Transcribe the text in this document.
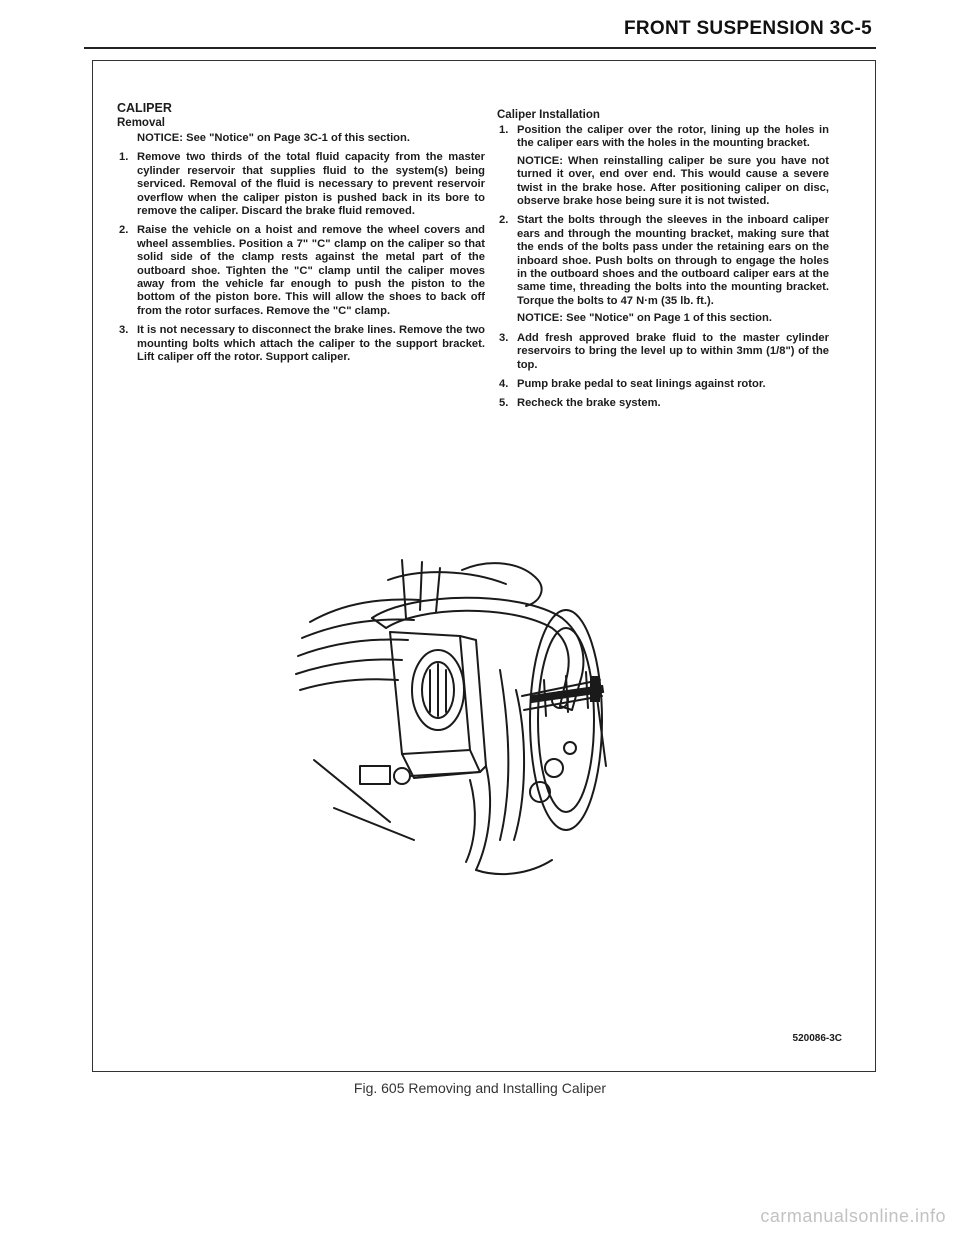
FRONT SUSPENSION 3C-5

CALIPER

Removal

NOTICE: See "Notice" on Page 3C-1 of this section.
1. Remove two thirds of the total fluid capacity from the master cylinder reservoir that supplies fluid to the system(s) being serviced. Removal of the fluid is necessary to prevent reservoir overflow when the caliper piston is pushed back in its bore to remove the caliper. Discard the brake fluid removed.
2. Raise the vehicle on a hoist and remove the wheel covers and wheel assemblies. Position a 7" "C" clamp on the caliper so that solid side of the clamp rests against the metal part of the outboard shoe. Tighten the "C" clamp until the caliper moves away from the vehicle far enough to push the piston to the bottom of the piston bore. This will allow the shoes to back off from the rotor surfaces. Remove the "C" clamp.
3. It is not necessary to disconnect the brake lines. Remove the two mounting bolts which attach the caliper to the support bracket. Lift caliper off the rotor. Support caliper.

Caliper Installation

1. Position the caliper over the rotor, lining up the holes in the caliper ears with the holes in the mounting bracket.
NOTICE: When reinstalling caliper be sure you have not turned it over, end over end. This would cause a severe twist in the brake hose. After positioning caliper on disc, observe brake hose being sure it is not twisted.
2. Start the bolts through the sleeves in the inboard caliper ears and through the mounting bracket, making sure that the ends of the bolts pass under the retaining ears on the inboard shoe. Push bolts on through to engage the holes in the outboard shoes and the outboard caliper ears at the same time, threading the bolts into the mounting bracket. Torque the bolts to 47 N·m (35 lb. ft.).
NOTICE: See "Notice" on Page 1 of this section.
3. Add fresh approved brake fluid to the master cylinder reservoirs to bring the level up to within 3mm (1/8") of the top.
4. Pump brake pedal to seat linings against rotor.
5. Recheck the brake system.
520086-3C
Fig. 605 Removing and Installing Caliper
carmanualsonline.info
